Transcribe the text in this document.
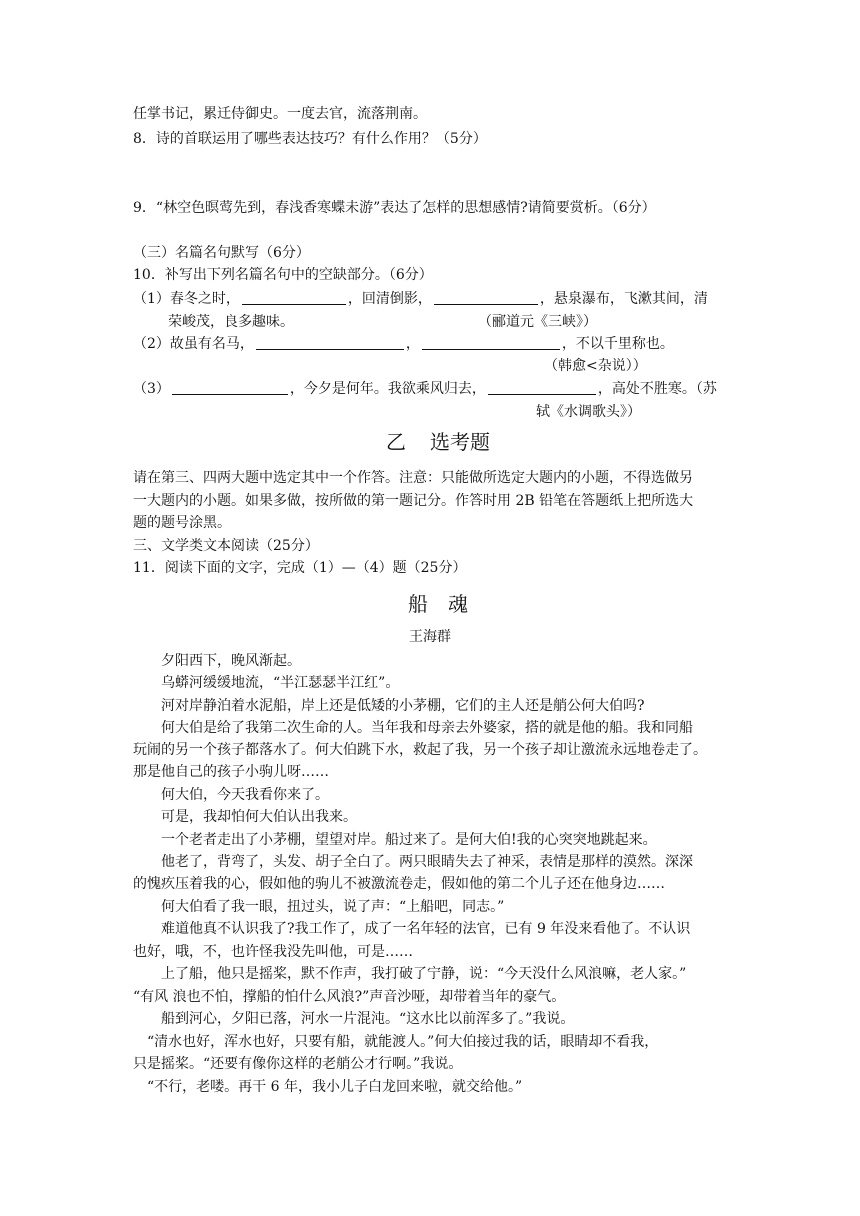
任掌书记，累迁侍御史。一度去官，流落荆南。
8．诗的首联运用了哪些表达技巧？有什么作用？（5分）
9．“林空色暝莺先到，春浅香寒蝶未游”表达了怎样的思想感情?请简要赏析。（6分）
（三）名篇名句默写（6分）
10．补写出下列名篇名句中的空缺部分。（6分）
（1）春冬之时，	，回清倒影，	，悬泉瀑布，飞漱其间，清
荣峻茂，良多趣味。	（郦道元《三峡》）
（2）故虽有名马，	，	，不以千里称也。
（韩愈<杂说））
（3）	，今夕是何年。我欲乘风归去，	，高处不胜寒。（苏
轼《水调歌头》）
乙选考题
请在第三、四两大题中选定其中一个作答。注意：只能做所选定大题内的小题，不得选做另
一大题内的小题。如果多做，按所做的第一题记分。作答时用 2B 铅笔在答题纸上把所选大
题的题号涂黑。
三、文学类文本阅读（25分）
11．阅读下面的文字，完成（1）—（4）题（25分）
船　魂
王海群
夕阳西下，晚风渐起。
乌蟒河缓缓地流，“半江瑟瑟半江红”。
河对岸静泊着水泥船，岸上还是低矮的小茅棚，它们的主人还是艄公何大伯吗?
何大伯是给了我第二次生命的人。当年我和母亲去外婆家，搭的就是他的船。我和同船
玩闹的另一个孩子都落水了。何大伯跳下水，救起了我，另一个孩子却让激流永远地卷走了。
那是他自己的孩子小驹儿呀……
何大伯，今天我看你来了。
可是，我却怕何大伯认出我来。
一个老者走出了小茅棚，望望对岸。船过来了。是何大伯!我的心突突地跳起来。
他老了，背弯了，头发、胡子全白了。两只眼睛失去了神采，表情是那样的漠然。深深
的愧疚压着我的心，假如他的驹儿不被激流卷走，假如他的第二个儿子还在他身边……
何大伯看了我一眼，扭过头，说了声：“上船吧，同志。”
难道他真不认识我了?我工作了，成了一名年轻的法官，已有 9 年没来看他了。不认识
也好，哦，不，也许怪我没先叫他，可是……
上了船，他只是摇桨，默不作声，我打破了宁静，说：“今天没什么风浪嘛，老人家。”
“有风 浪也不怕，撑船的怕什么风浪?”声音沙哑，却带着当年的豪气。
船到河心，夕阳已落，河水一片混沌。“这水比以前浑多了。”我说。
“清水也好，浑水也好，只要有船，就能渡人。”何大伯接过我的话，眼睛却不看我，
只是摇桨。“还要有像你这样的老艄公才行啊。”我说。
“不行，老喽。再干 6 年，我小儿子白龙回来啦，就交给他。”
